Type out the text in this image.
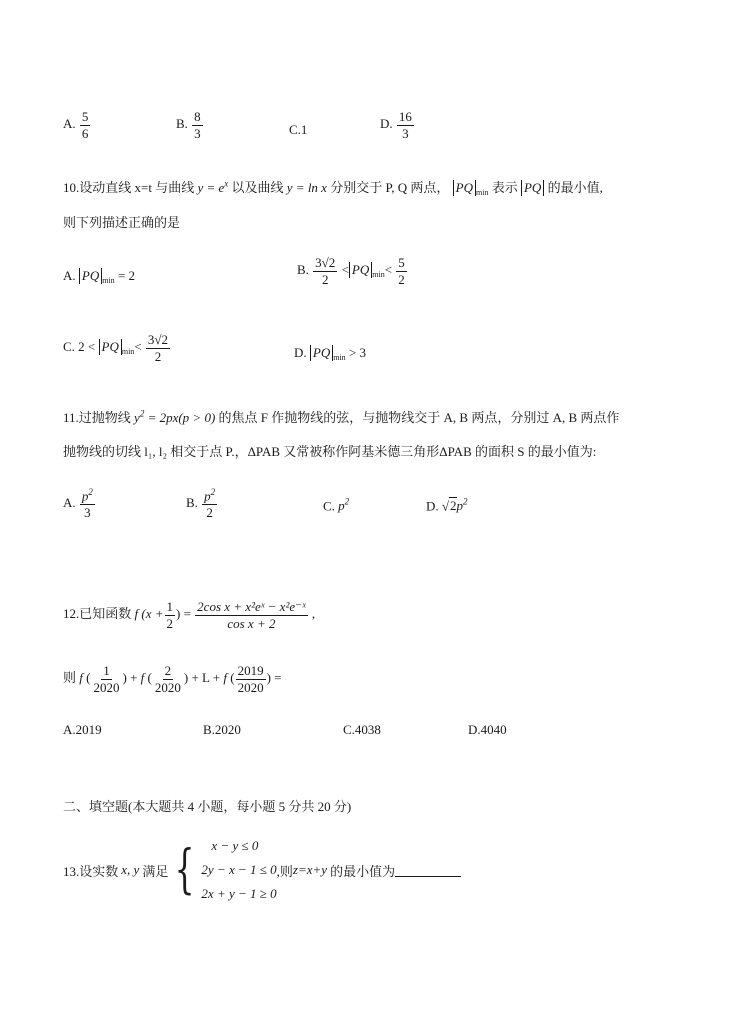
A. $\frac{5}{6}$	B. $\frac{8}{3}$	C.1	D. $\frac{16}{3}$
10.设动直线 x=t 与曲线 $y = e^x$ 以及曲线 y = ln x 分别交于 P, Q 两点， PQ $_{min}$ 表示 PQ 的最小值,
则下列描述正确的是
A. PQ $_{min}$ = 2	B. $\frac{3√2}{2}$ < PQ $_{min}< \frac{5}{2}$
C. 2 < PQ $_{min}< \frac{3√2}{2}$	D. PQ $_{min}$ > 3
11.过抛物线 $y^2 = 2px(p > 0)$ 的焦点 F 作抛物线的弦，与抛物线交于 A, B 两点，分别过 A, B 两点作
抛物线的切线 l₁, l₂ 相交于点 P.，ΔPAB 又常被称作阿基米德三角形ΔPAB 的面积 S 的最小值为:
A. $\frac{p^2}{3}$	B. $\frac{p^2}{2}$	C. $p^2$	D. $√2p^2$
12.已知函数 f ($x + \frac{1}{2}$ ) = $\frac{\text{2cos x + x²eˣ − x²e⁻ˣ}}{\text{cos x + 2}}$ ,
则 f ( $\frac{1}{2020}$ ) + f ( $\frac{2}{2020}$ ) + L + f ( $\frac{2019}{2020}$ ) =
A.2019	B.2020	C.4038	D.4040
二、填空题(本大题共 4 小题，每小题 5 分共 20 分)
13.设实数 x, y 满足 {	x − y ≤ 0
2y − x − 1 ≤ 0
2x + y − 1 ≥ 0
,则 z=x+y 的最小值为
